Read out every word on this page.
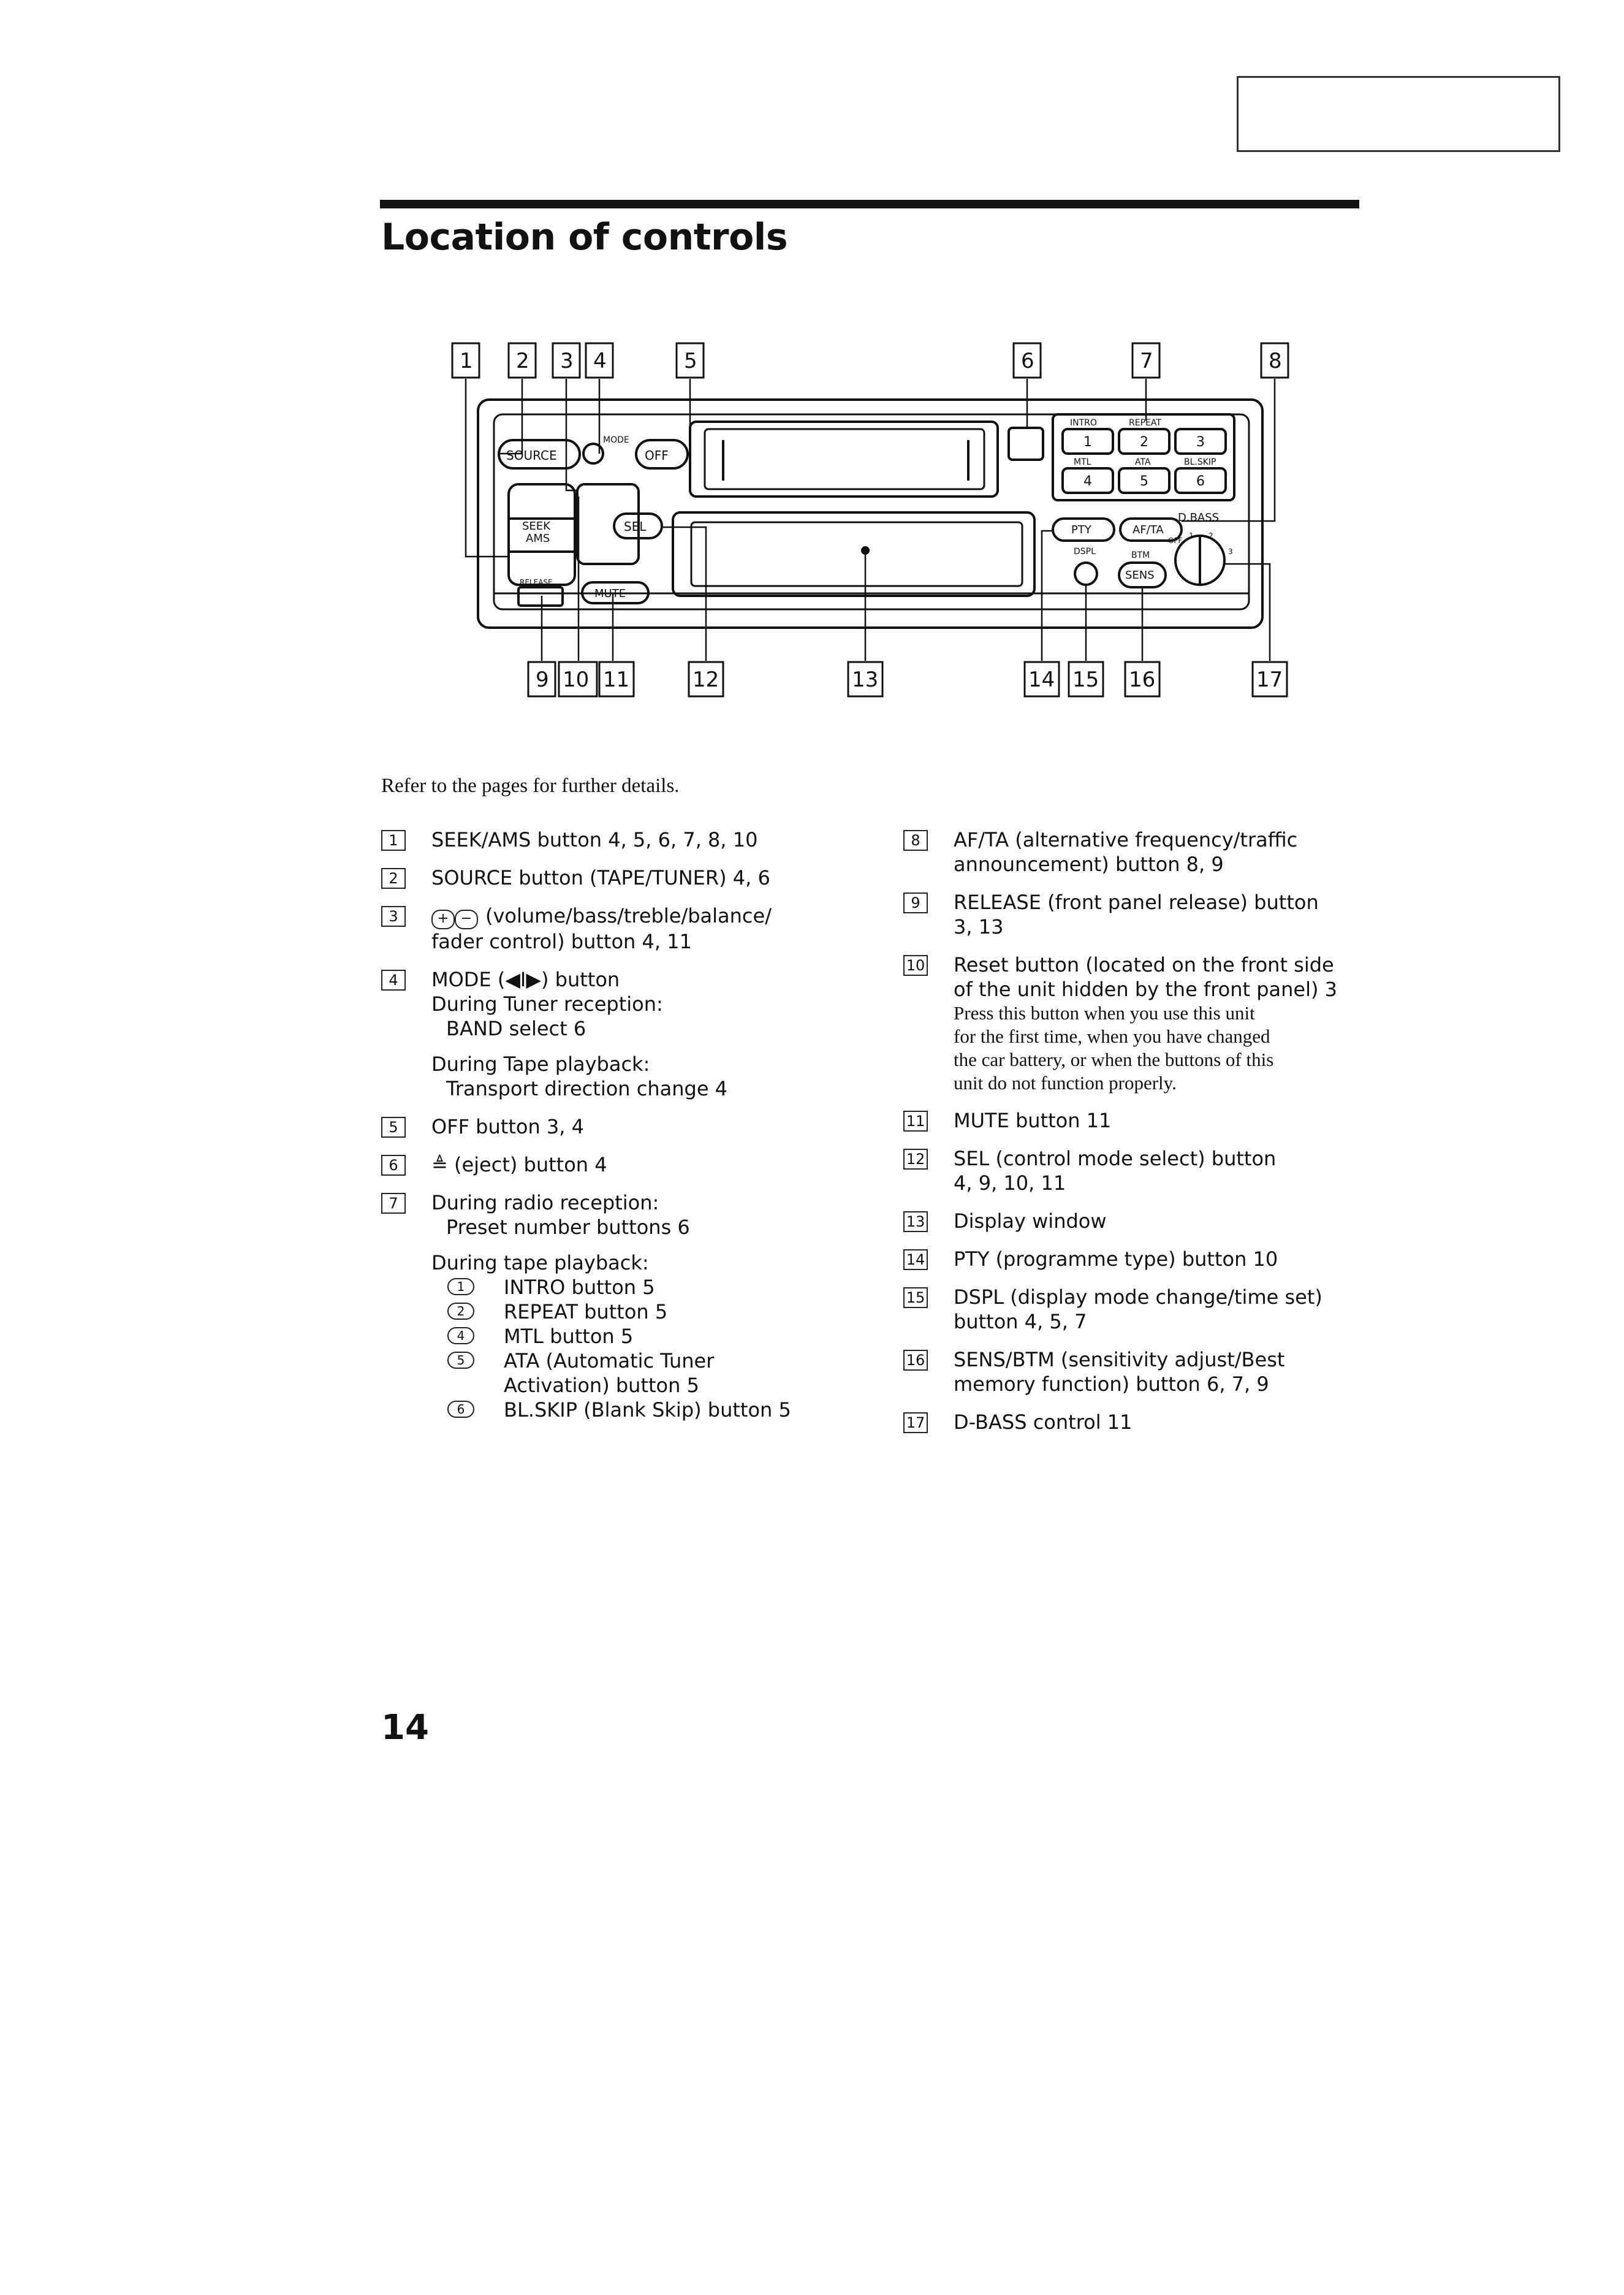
Location of controls
SOURCE
MODE
OFF
INTRO	REPEAT
MTL	ATA	BL.SKIP
1	2	3
4	5	6
SEEK
AMS
SEL	PTY	AF/TA
D.BASS
DSPL	BTM
SENS
MUTE
RELEASE
OFF
1 2
3
1 2 3 4	5	6	7	8
9 10 11	12	13	14 15 16	17

Refer to the pages for further details.

1	SEEK/AMS button 4, 5, 6, 7, 8, 10
2	SOURCE button (TAPE/TUNER) 4, 6
3	+ − (volume/bass/treble/balance/
fader control) button 4, 11
4	MODE (◀I▶) button
During Tuner reception:
BAND select 6
During Tape playback:
Transport direction change 4
5	OFF button 3, 4
6	≜ (eject) button 4
7	During radio reception:
Preset number buttons 6
During tape playback:
1	INTRO button 5
2	REPEAT button 5
4	MTL button 5
5	ATA (Automatic Tuner
Activation) button 5
6	BL.SKIP (Blank Skip) button 5
8	AF/TA (alternative frequency/traffic
announcement) button 8, 9
9	RELEASE (front panel release) button
3, 13
10 Reset button (located on the front side
of the unit hidden by the front panel) 3
Press this button when you use this unit
for the first time, when you have changed
the car battery, or when the buttons of this
unit do not function properly.
11 MUTE button 11
12 SEL (control mode select) button
4, 9, 10, 11
13 Display window
14 PTY (programme type) button 10
15 DSPL (display mode change/time set)
button 4, 5, 7
16 SENS/BTM (sensitivity adjust/Best
memory function) button 6, 7, 9
17 D-BASS control 11

14
